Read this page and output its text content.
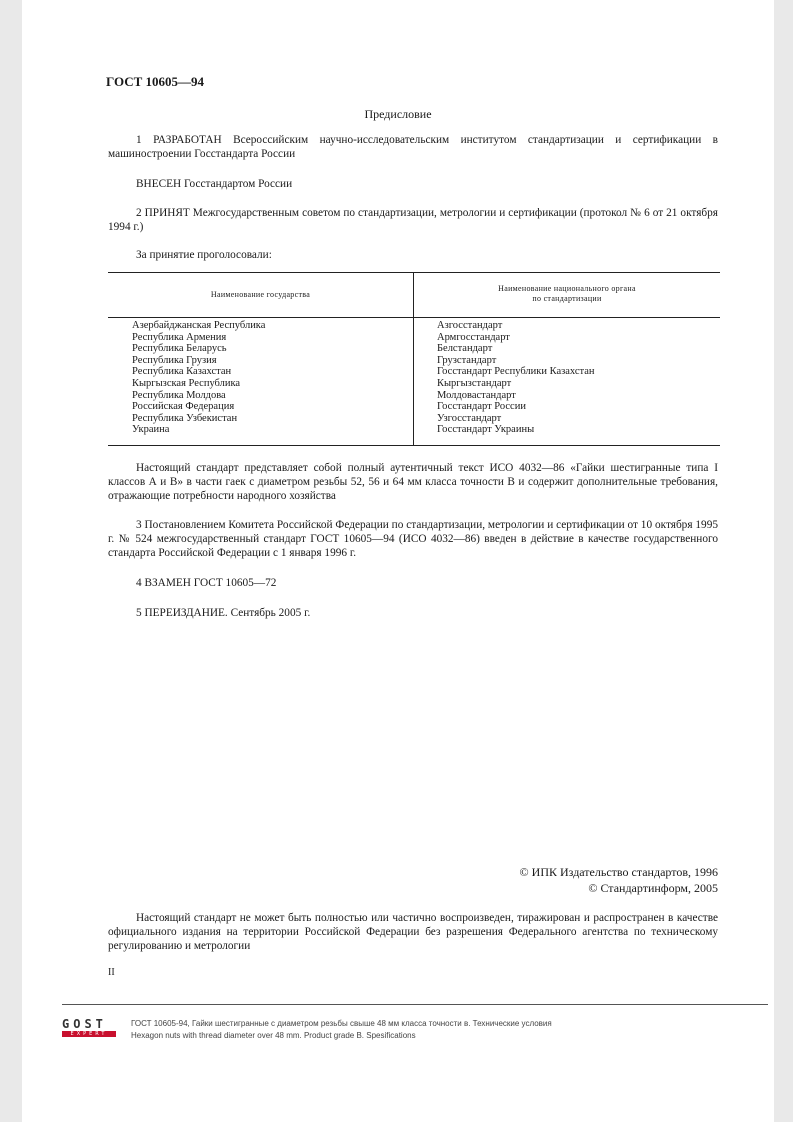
ГОСТ 10605—94
Предисловие
1 РАЗРАБОТАН Всероссийским научно-исследовательским институтом стандартизации и сертификации в машиностроении Госстандарта России
ВНЕСЕН Госстандартом России
2 ПРИНЯТ Межгосударственным советом по стандартизации, метрологии и сертификации (протокол № 6 от 21 октября 1994 г.)
За принятие проголосовали:
Наименование государства
Наименование национального органа
по стандартизации
Азербайджанская Республика
Республика Армения
Республика Беларусь
Республика Грузия
Республика Казахстан
Кыргызская Республика
Республика Молдова
Российская Федерация
Республика Узбекистан
Украина
Азгосстандарт
Армгосстандарт
Белстандарт
Грузстандарт
Госстандарт Республики Казахстан
Кыргызстандарт
Молдовастандарт
Госстандарт России
Узгосстандарт
Госстандарт Украины
Настоящий стандарт представляет собой полный аутентичный текст ИСО 4032—86 «Гайки шестигранные типа I классов А и В» в части гаек с диаметром резьбы 52, 56 и 64 мм класса точности В и содержит дополнительные требования, отражающие потребности народного хозяйства
3 Постановлением Комитета Российской Федерации по стандартизации, метрологии и сертификации от 10 октября 1995 г. № 524 межгосударственный стандарт ГОСТ 10605—94 (ИСО 4032—86) введен в действие в качестве государственного стандарта Российской Федерации с 1 января 1996 г.
4 ВЗАМЕН ГОСТ 10605—72
5 ПЕРЕИЗДАНИЕ. Сентябрь 2005 г.
© ИПК Издательство стандартов, 1996
© Стандартинформ, 2005
Настоящий стандарт не может быть полностью или частично воспроизведен, тиражирован и распространен в качестве официального издания на территории Российской Федерации без разрешения Федерального агентства по техническому регулированию и метрологии
II
GOST
EXPERT
ГОСТ 10605-94, Гайки шестигранные с диаметром резьбы свыше 48 мм класса точности в. Технические условия
Hexagon nuts with thread diameter over 48 mm. Product grade B. Spesifications
